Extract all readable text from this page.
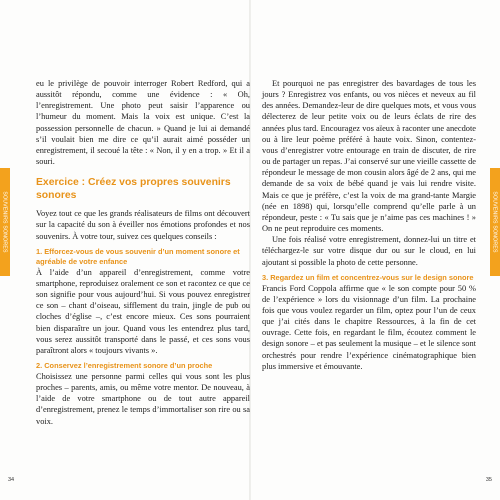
SOUVENIRS SONORES

eu le privilège de pouvoir interroger Robert Redford, qui a aussitôt répondu, comme une évidence : « Oh, l’enregistrement. Une photo peut saisir l’apparence ou l’humeur du moment. Mais la voix est unique. C’est la possession personnelle de chacun. » Quand je lui ai demandé s’il voulait bien me dire ce qu’il aurait aimé posséder un enregistrement, il secoué la tête : « Non, il y en a trop. » Et il a souri.

Exercice : Créez vos propres souvenirs sonores

Voyez tout ce que les grands réalisateurs de films ont découvert sur la capacité du son à éveiller nos émotions profondes et nos souvenirs. À votre tour, suivez ces quelques conseils :

1. Efforcez-vous de vous souvenir d’un moment sonore et agréable de votre enfance

À l’aide d’un appareil d’enregistrement, comme votre smartphone, reproduisez oralement ce son et racontez ce que ce son signifie pour vous aujourd’hui. Si vous pouvez enregistrer ce son – chant d’oiseau, sifflement du train, jingle de pub ou cloches d’église –, c’est encore mieux. Ces sons pourraient bien disparaître un jour. Quand vous les entendrez plus tard, vous serez aussitôt transporté dans le passé, et ces sons vous paraîtront alors « toujours vivants ».

2. Conservez l’enregistrement sonore d’un proche

Choisissez une personne parmi celles qui vous sont les plus proches – parents, amis, ou même votre mentor. De nouveau, à l’aide de votre smartphone ou de tout autre appareil d’enregistrement, prenez le temps d’immortaliser son rire ou sa voix.

34

Et pourquoi ne pas enregistrer des bavardages de tous les jours ? Enregistrez vos enfants, ou vos nièces et neveux au fil des années. Demandez-leur de dire quelques mots, et vous vous délecterez de leur petite voix ou de leurs éclats de rire des années plus tard. Encouragez vos aïeux à raconter une anecdote ou à lire leur poème préféré à haute voix. Sinon, contentez-vous d’enregistrer votre entourage en train de discuter, de rire ou de partager un repas. J’ai conservé sur une vieille cassette de répondeur le message de mon cousin alors âgé de 2 ans, qui me demande de sa voix de bébé quand je vais lui rendre visite. Mais ce que je préfère, c’est la voix de ma grand-tante Margie (née en 1898) qui, lorsqu’elle comprend qu’elle parle à un répondeur, peste : « Tu sais que je n’aime pas ces machines ! » On ne peut reproduire ces moments.

Une fois réalisé votre enregistrement, donnez-lui un titre et téléchargez-le sur votre disque dur ou sur le cloud, en lui ajoutant si possible la photo de cette personne.

3. Regardez un film et concentrez-vous sur le design sonore

Francis Ford Coppola affirme que « le son compte pour 50 % de l’expérience » lors du visionnage d’un film. La prochaine fois que vous voulez regarder un film, optez pour l’un de ceux que j’ai cités dans le chapitre Ressources, à la fin de cet ouvrage. Cette fois, en regardant le film, écoutez comment le design sonore – et pas seulement la musique – et le silence sont orchestrés pour rendre l’expérience cinématographique bien plus immersive et émouvante.

SOUVENIRS SONORES
35
